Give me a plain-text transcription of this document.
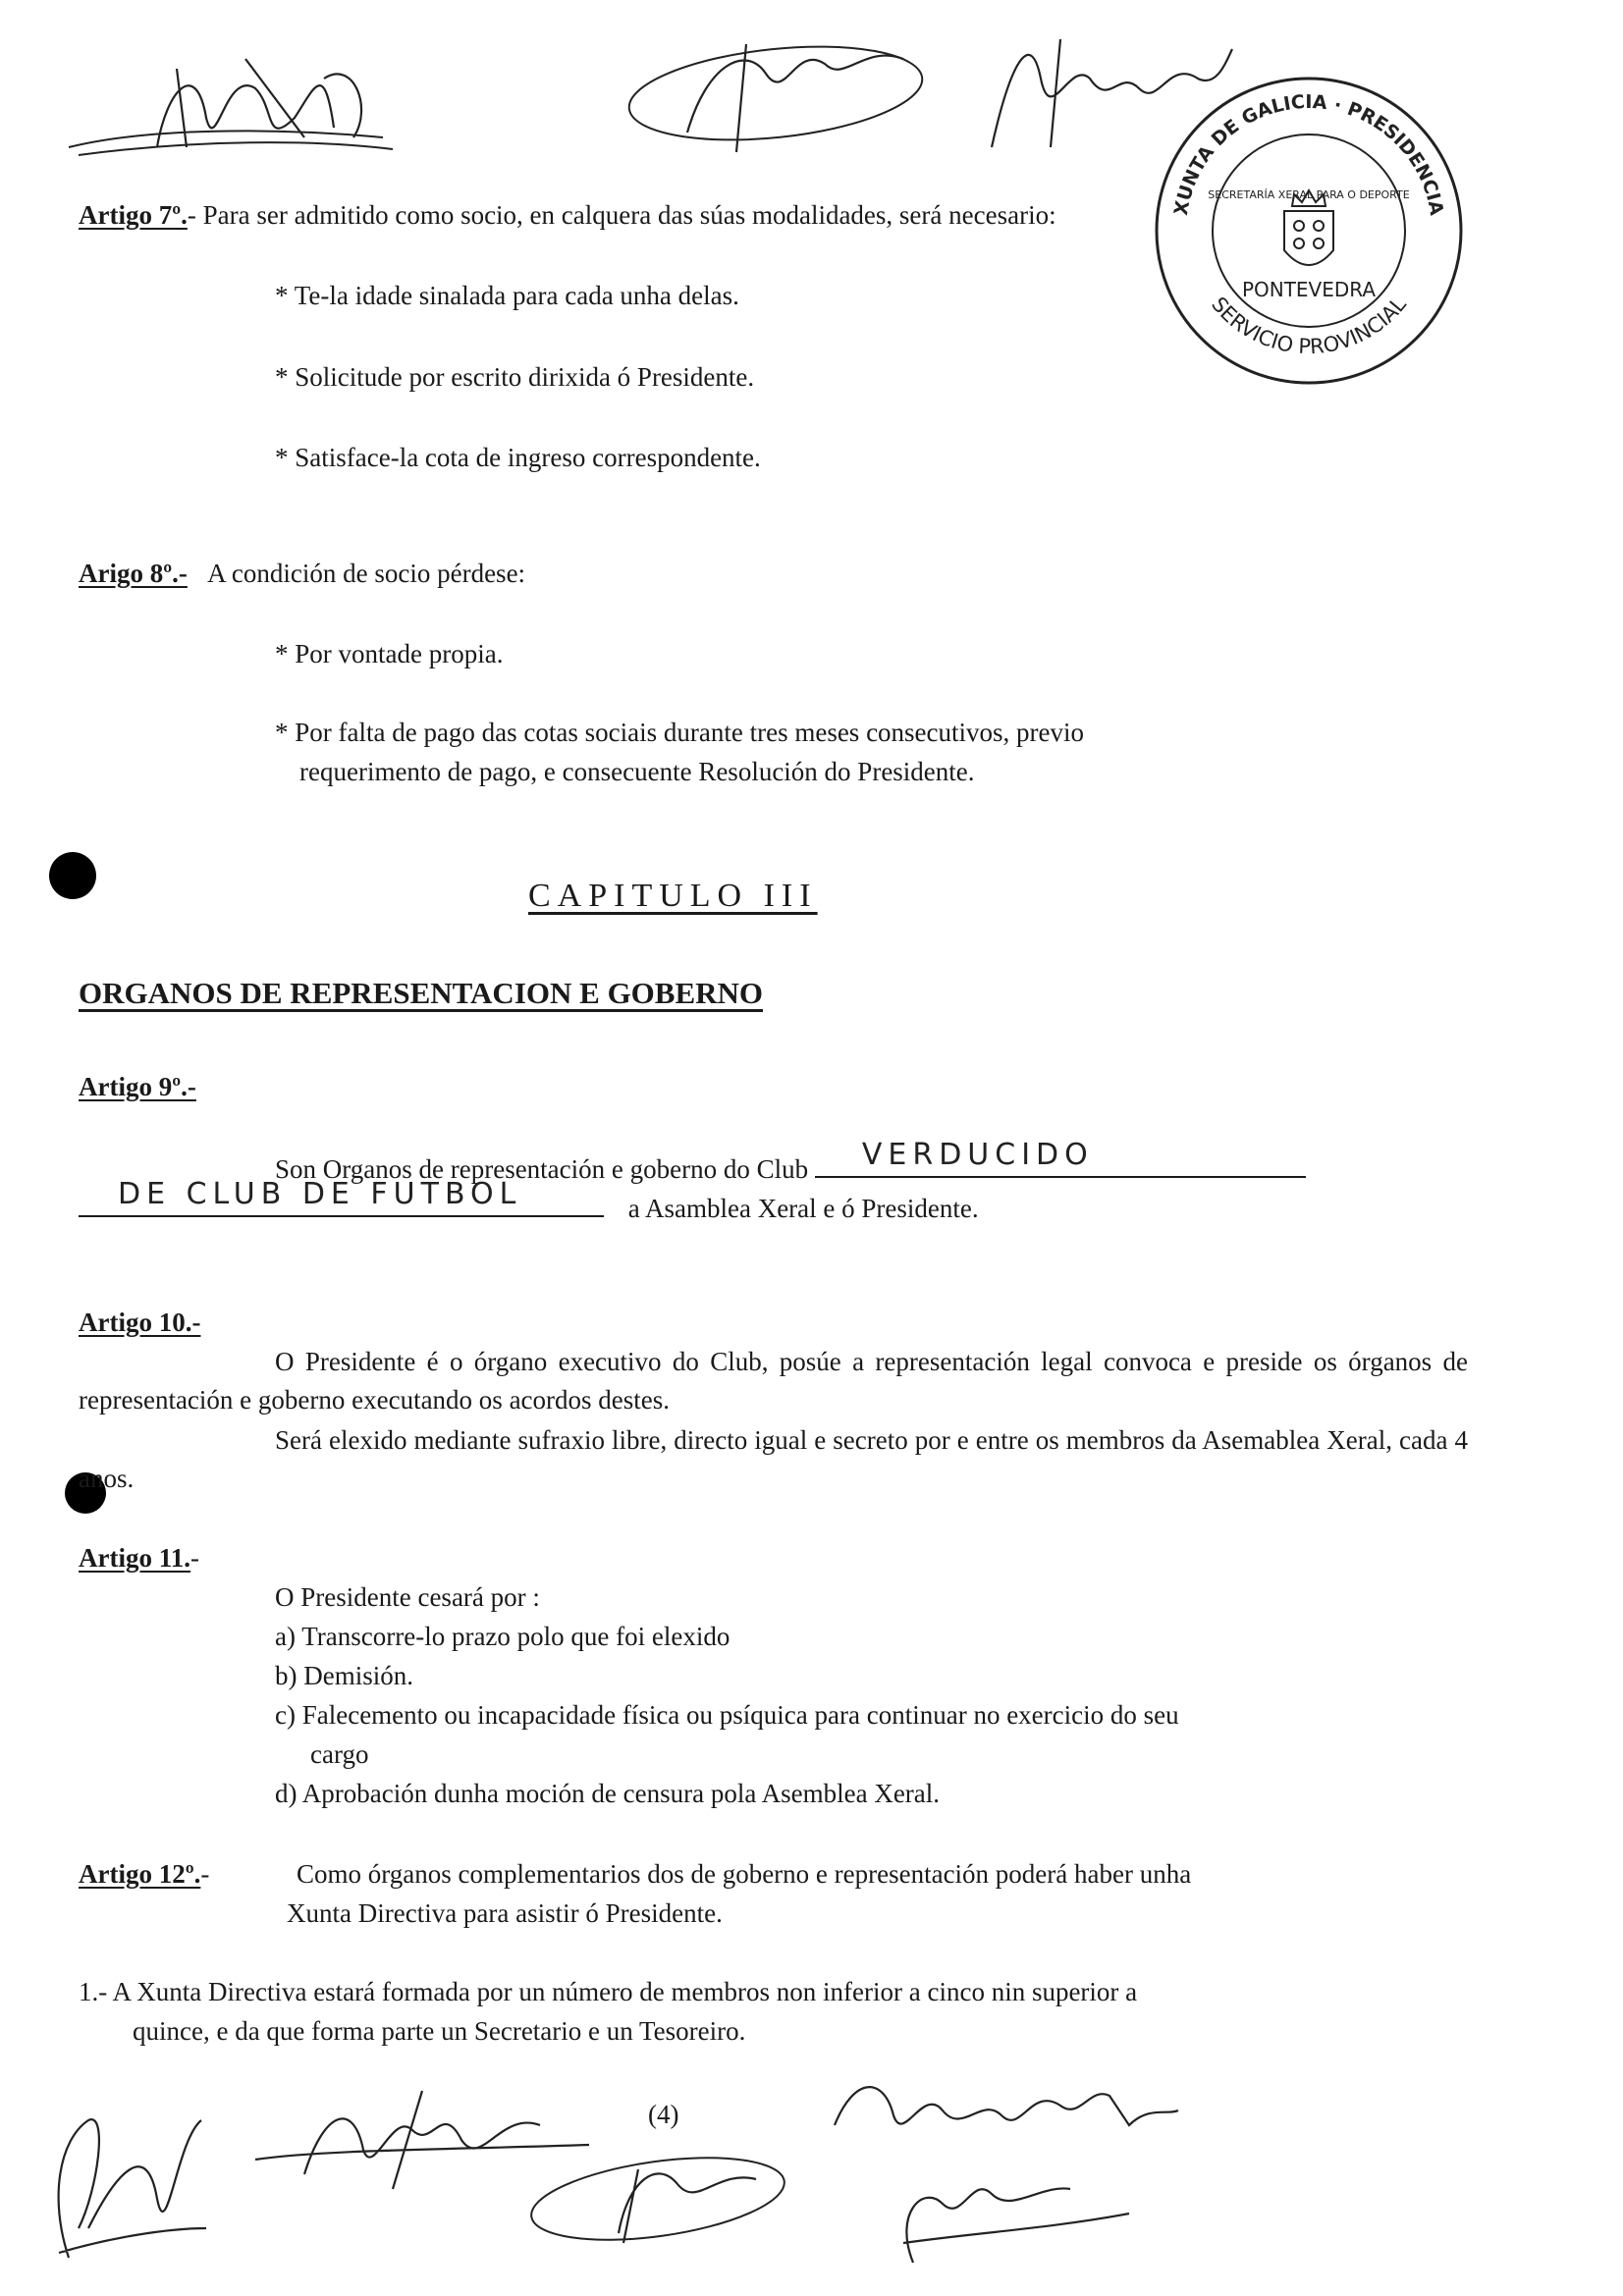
XUNTA DE GALICIA · PRESIDENCIA
SERVICIO PROVINCIAL
SECRETARÍA XERAL PARA O DEPORTE
PONTEVEDRA
Artigo 7º.- Para ser admitido como socio, en calquera das súas modalidades, será necesario:
* Te-la idade sinalada para cada unha delas.
* Solicitude por escrito dirixida ó Presidente.
* Satisface-la cota de ingreso correspondente.
Arigo 8º.- A condición de socio pérdese:
* Por vontade propia.
* Por falta de pago das cotas sociais durante tres meses consecutivos, previo
requerimento de pago, e consecuente Resolución do Presidente.
CAPITULO III
ORGANOS DE REPRESENTACION E GOBERNO
Artigo 9º.-
Son Organos de representación e goberno do Club VERDUCIDO
DE CLUB DE FUTBOL	a Asamblea Xeral e ó Presidente.
Artigo 10.-
O Presidente é o órgano executivo do Club, posúe a representación legal convoca e preside os órganos de representación e goberno executando os acordos destes.
Será elexido mediante sufraxio libre, directo igual e secreto por e entre os membros da Asemablea Xeral, cada 4 anos.
Artigo 11.-
O Presidente cesará por :
a) Transcorre-lo prazo polo que foi elexido
b) Demisión.
c) Falecemento ou incapacidade física ou psíquica para continuar no exercicio do seu
cargo
d) Aprobación dunha moción de censura pola Asemblea Xeral.
Artigo 12º.-	Como órganos complementarios dos de goberno e representación poderá haber unha
Xunta Directiva para asistir ó Presidente.
1.- A Xunta Directiva estará formada por un número de membros non inferior a cinco nin superior a
quince, e da que forma parte un Secretario e un Tesoreiro.
(4)
